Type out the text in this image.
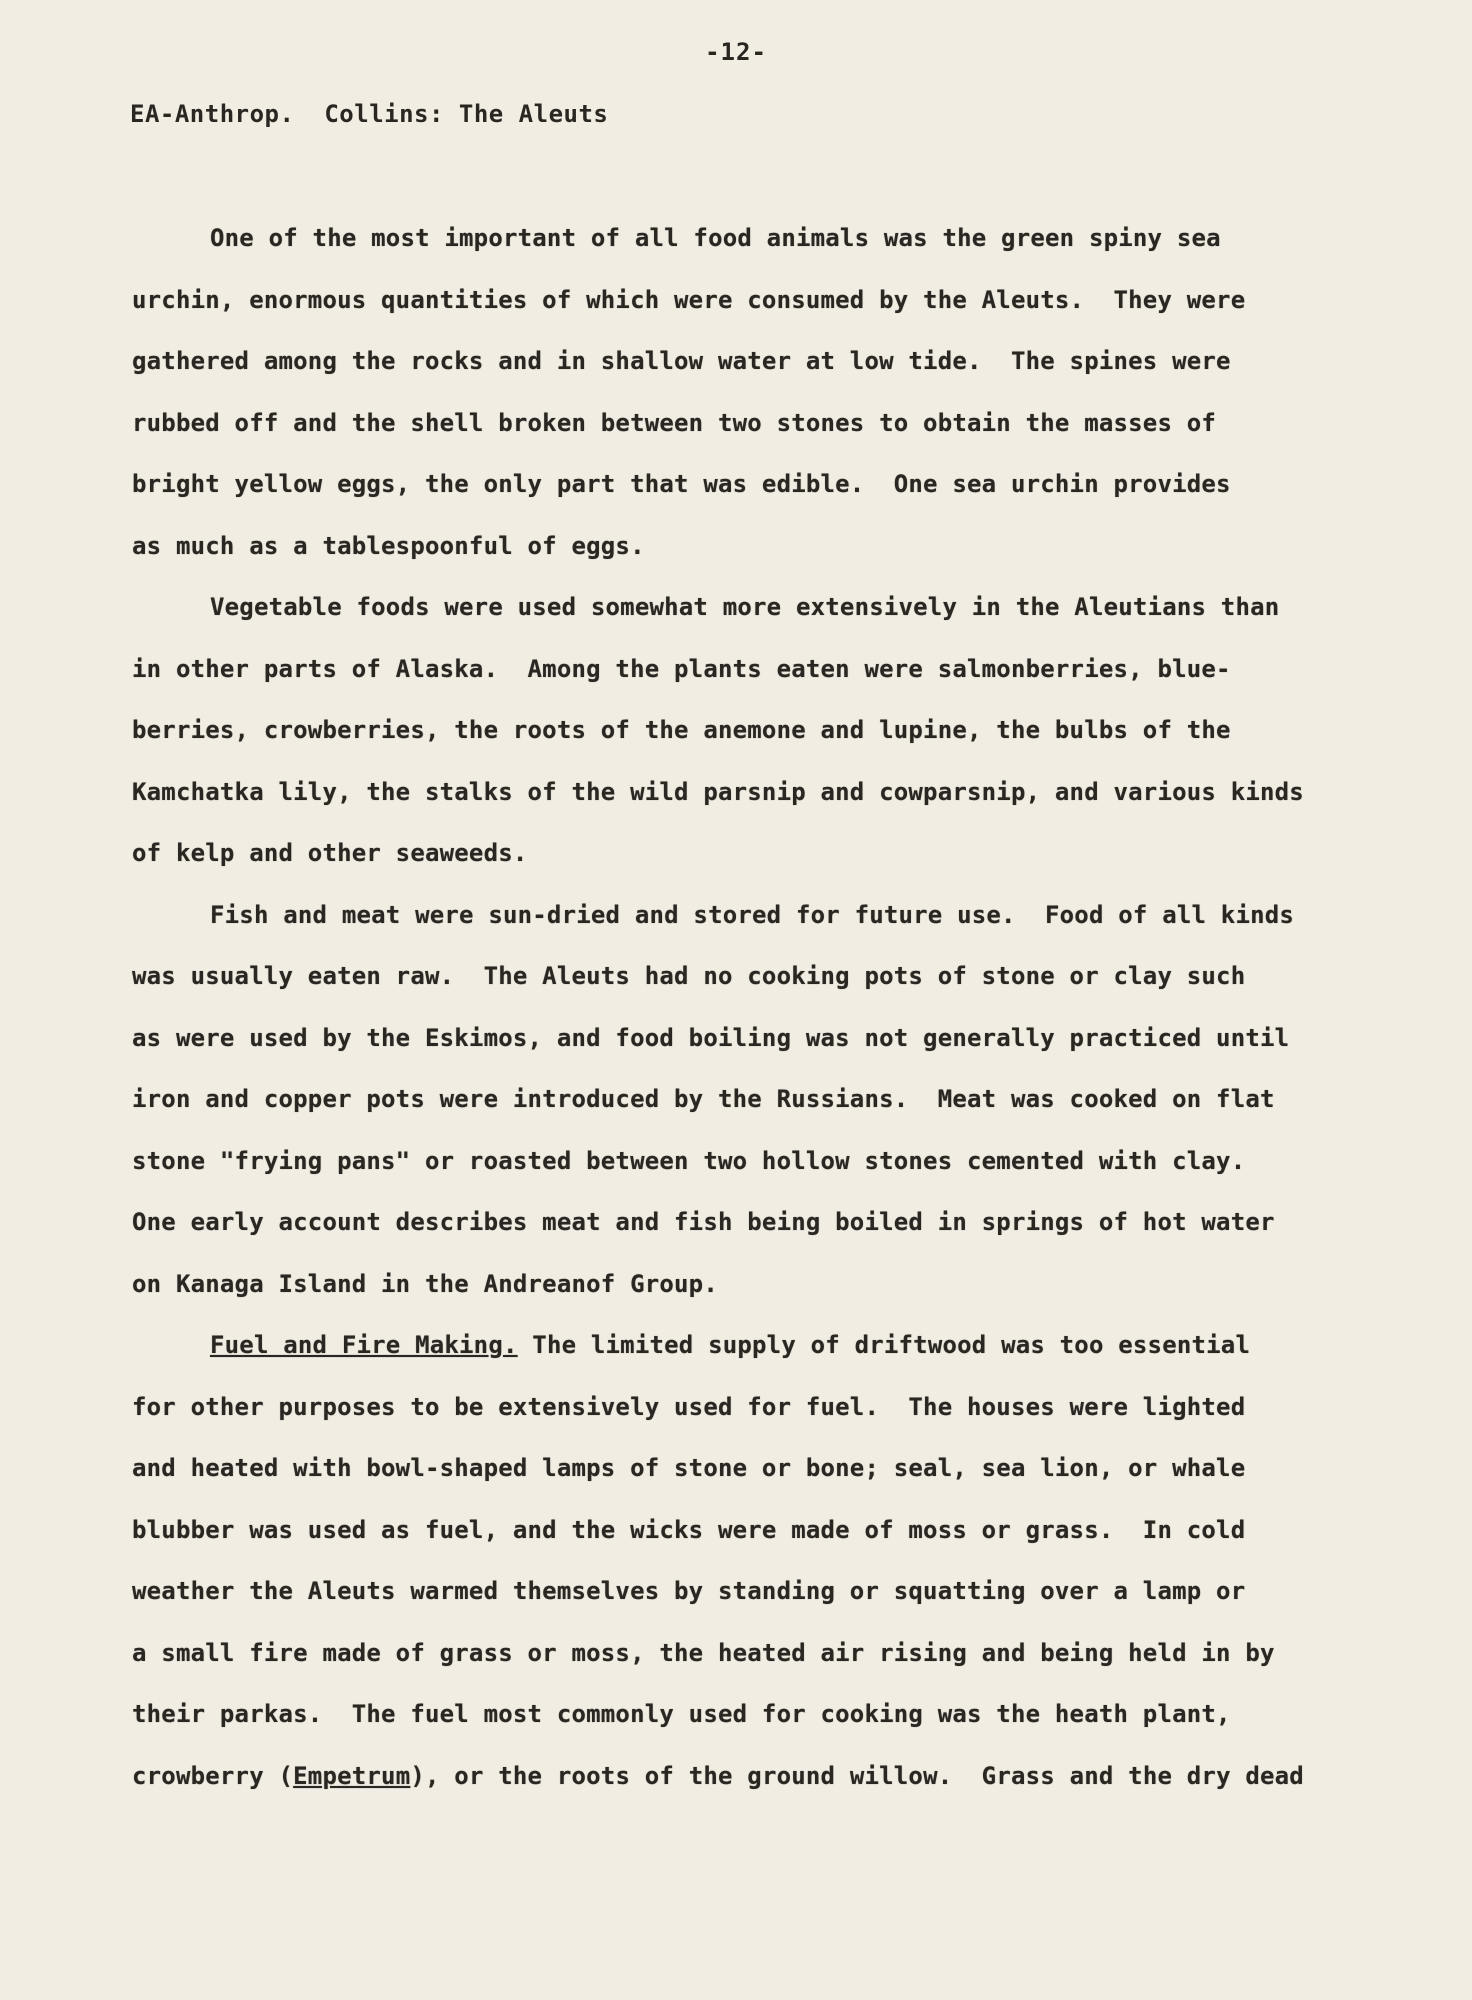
-12-
EA-Anthrop.  Collins: The Aleuts
One of the most important of all food animals was the green spiny sea
urchin, enormous quantities of which were consumed by the Aleuts.  They were
gathered among the rocks and in shallow water at low tide.  The spines were
rubbed off and the shell broken between two stones to obtain the masses of
bright yellow eggs, the only part that was edible.  One sea urchin provides
as much as a tablespoonful of eggs.
Vegetable foods were used somewhat more extensively in the Aleutians than
in other parts of Alaska.  Among the plants eaten were salmonberries, blue-
berries, crowberries, the roots of the anemone and lupine, the bulbs of the
Kamchatka lily, the stalks of the wild parsnip and cowparsnip, and various kinds
of kelp and other seaweeds.
Fish and meat were sun-dried and stored for future use.  Food of all kinds
was usually eaten raw.  The Aleuts had no cooking pots of stone or clay such
as were used by the Eskimos, and food boiling was not generally practiced until
iron and copper pots were introduced by the Russians.  Meat was cooked on flat
stone "frying pans" or roasted between two hollow stones cemented with clay.
One early account describes meat and fish being boiled in springs of hot water
on Kanaga Island in the Andreanof Group.
Fuel and Fire Making. The limited supply of driftwood was too essential
for other purposes to be extensively used for fuel.  The houses were lighted
and heated with bowl-shaped lamps of stone or bone; seal, sea lion, or whale
blubber was used as fuel, and the wicks were made of moss or grass.  In cold
weather the Aleuts warmed themselves by standing or squatting over a lamp or
a small fire made of grass or moss, the heated air rising and being held in by
their parkas.  The fuel most commonly used for cooking was the heath plant,
crowberry (Empetrum), or the roots of the ground willow.  Grass and the dry dead
